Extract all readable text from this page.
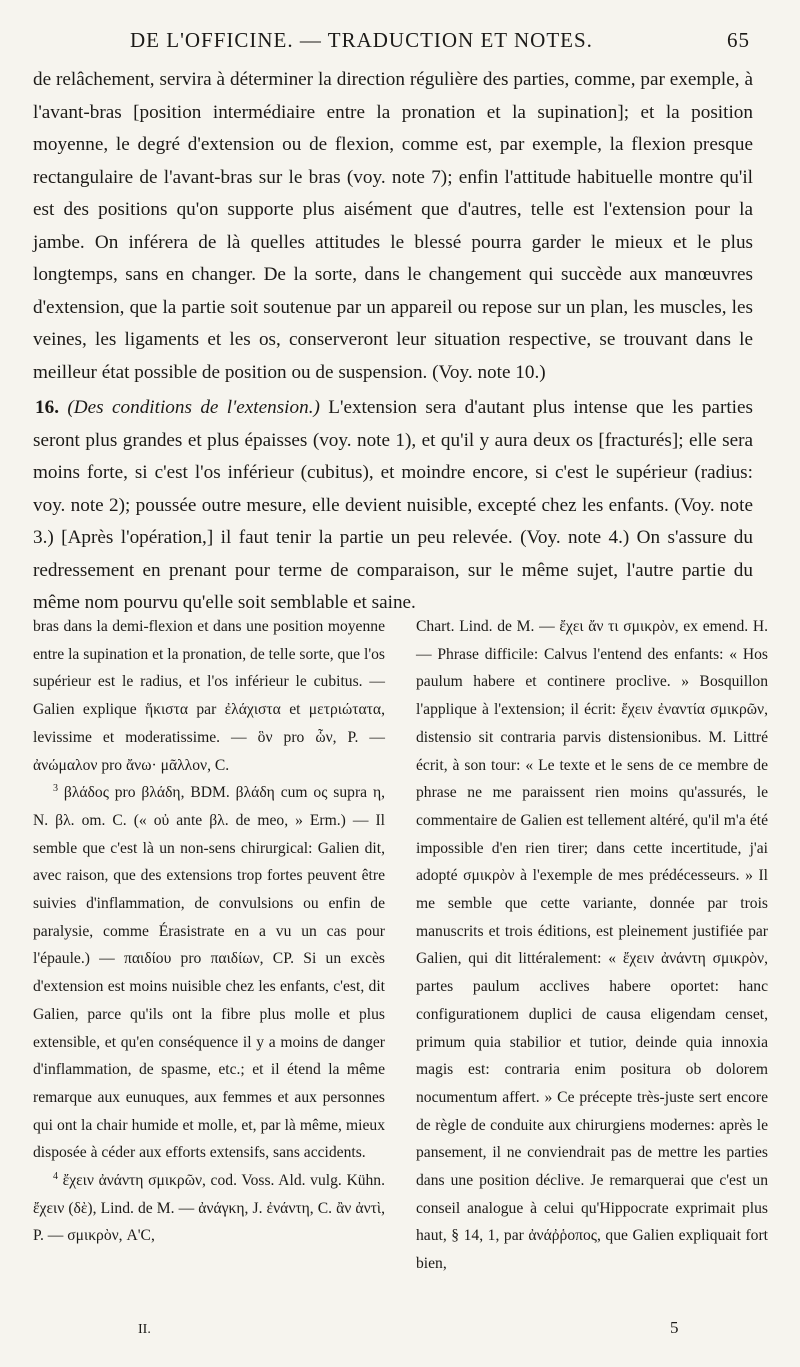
DE L'OFFICINE. — TRADUCTION ET NOTES.	65

de relâchement, servira à déterminer la direction régulière des parties, comme, par exemple, à l'avant-bras [position intermédiaire entre la pronation et la supination]; et la position moyenne, le degré d'extension ou de flexion, comme est, par exemple, la flexion presque rectangulaire de l'avant-bras sur le bras (voy. note 7); enfin l'attitude habituelle montre qu'il est des positions qu'on supporte plus aisément que d'autres, telle est l'extension pour la jambe. On inférera de là quelles attitudes le blessé pourra garder le mieux et le plus longtemps, sans en changer. De la sorte, dans le changement qui succède aux manœuvres d'extension, que la partie soit soutenue par un appareil ou repose sur un plan, les muscles, les veines, les ligaments et les os, conserveront leur situation respective, se trouvant dans le meilleur état possible de position ou de suspension. (Voy. note 10.)

16. (Des conditions de l'extension.) L'extension sera d'autant plus intense que les parties seront plus grandes et plus épaisses (voy. note 1), et qu'il y aura deux os [fracturés]; elle sera moins forte, si c'est l'os inférieur (cubitus), et moindre encore, si c'est le supérieur (radius: voy. note 2); poussée outre mesure, elle devient nuisible, excepté chez les enfants. (Voy. note 3.) [Après l'opération,] il faut tenir la partie un peu relevée. (Voy. note 4.) On s'assure du redressement en prenant pour terme de comparaison, sur le même sujet, l'autre partie du même nom pourvu qu'elle soit semblable et saine.

bras dans la demi-flexion et dans une position moyenne entre la supination et la pronation, de telle sorte, que l'os supérieur est le radius, et l'os inférieur le cubitus. — Galien explique ἥκιστα par ἐλάχιστα et μετριώτατα, levissime et moderatissime. — ὃν pro ὧν, P. — ἀνώμαλον pro ἄνω· μᾶλλον, C.

$^3$ βλάδος pro βλάδη, BDM. βλάδη cum ος supra η, N. βλ. om. C. (« οὐ ante βλ. de meo, » Erm.) — Il semble que c'est là un non-sens chirurgical: Galien dit, avec raison, que des extensions trop fortes peuvent être suivies d'inflammation, de convulsions ou enfin de paralysie, comme Érasistrate en a vu un cas pour l'épaule.) — παιδίου pro παιδίων, CP. Si un excès d'extension est moins nuisible chez les enfants, c'est, dit Galien, parce qu'ils ont la fibre plus molle et plus extensible, et qu'en conséquence il y a moins de danger d'inflammation, de spasme, etc.; et il étend la même remarque aux eunuques, aux femmes et aux personnes qui ont la chair humide et molle, et, par là même, mieux disposée à céder aux efforts extensifs, sans accidents.

$^4$ ἔχειν ἀνάντη σμικρῶν, cod. Voss. Ald. vulg. Kühn. ἔχειν (δὲ), Lind. de M. — ἀνάγκη, J. ἐνάντη, C. ἂν ἀντὶ, P. — σμικρὸν, A'C,

Chart. Lind. de M. — ἔχει ἄν τι σμικρὸν, ex emend. H. — Phrase difficile: Calvus l'entend des enfants: « Hos paulum habere et continere proclive. » Bosquillon l'applique à l'extension; il écrit: ἔχειν ἐναντία σμικρῶν, distensio sit contraria parvis distensionibus. M. Littré écrit, à son tour: « Le texte et le sens de ce membre de phrase ne me paraissent rien moins qu'assurés, le commentaire de Galien est tellement altéré, qu'il m'a été impossible d'en rien tirer; dans cette incertitude, j'ai adopté σμικρὸν à l'exemple de mes prédécesseurs. » Il me semble que cette variante, donnée par trois manuscrits et trois éditions, est pleinement justifiée par Galien, qui dit littéralement: « ἔχειν ἀνάντη σμικρὸν, partes paulum acclives habere oportet: hanc configurationem duplici de causa eligendam censet, primum quia stabilior et tutior, deinde quia innoxia magis est: contraria enim positura ob dolorem nocumentum affert. » Ce précepte très-juste sert encore de règle de conduite aux chirurgiens modernes: après le pansement, il ne conviendrait pas de mettre les parties dans une position déclive. Je remarquerai que c'est un conseil analogue à celui qu'Hippocrate exprimait plus haut, § 14, 1, par ἀνάῤῥοπος, que Galien expliquait fort bien,

II.	5
